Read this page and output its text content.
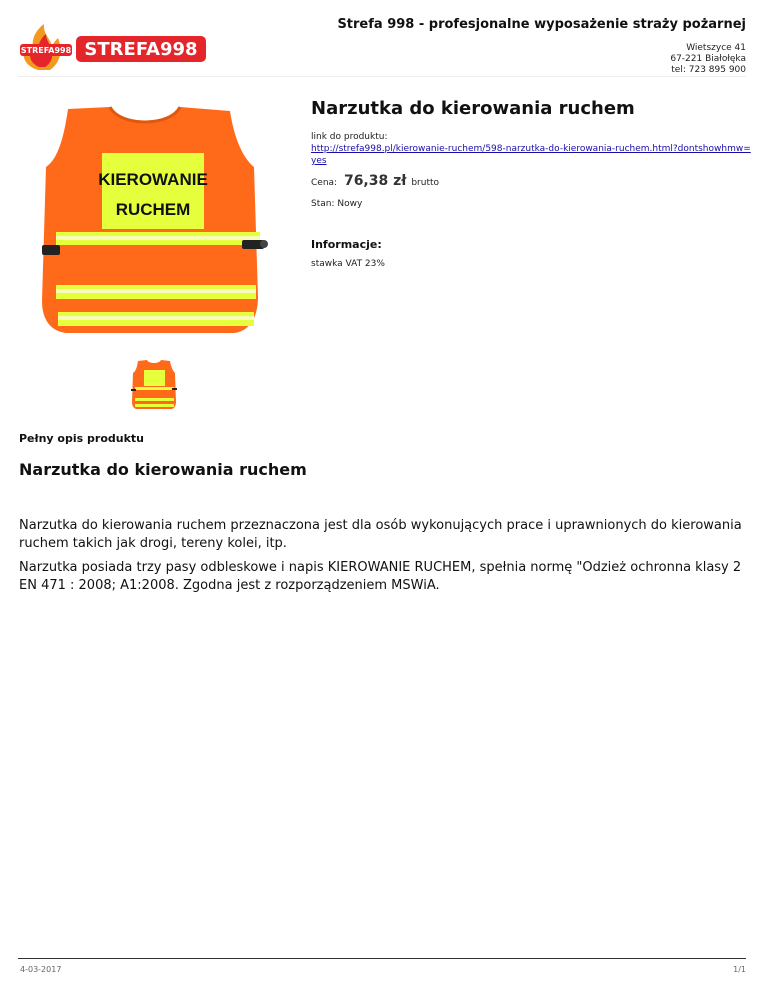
Strefa 998 - profesjonalne wyposażenie straży pożarnej
STREFA998 STREFA998	Wietszyce 41
67-221 Białołęka
tel: 723 895 900
KIEROWANIE
RUCHEM
Narzutka do kierowania ruchem
link do produktu:
http://strefa998.pl/kierowanie-ruchem/598-narzutka-do-kierowania-ruchem.html?dontshowhmw=yes
Cena: 76,38 zł brutto
Stan: Nowy
Informacje:
stawka VAT 23%
Pełny opis produktu
Narzutka do kierowania ruchem

Narzutka do kierowania ruchem przeznaczona jest dla osób wykonujących prace i uprawnionych do kierowania ruchem takich jak drogi, tereny kolei, itp.

Narzutka posiada trzy pasy odbleskowe i napis KIEROWANIE RUCHEM, spełnia normę "Odzież ochronna klasy 2 EN 471 : 2008; A1:2008. Zgodna jest z rozporządzeniem MSWiA.

4-03-2017	1/1
